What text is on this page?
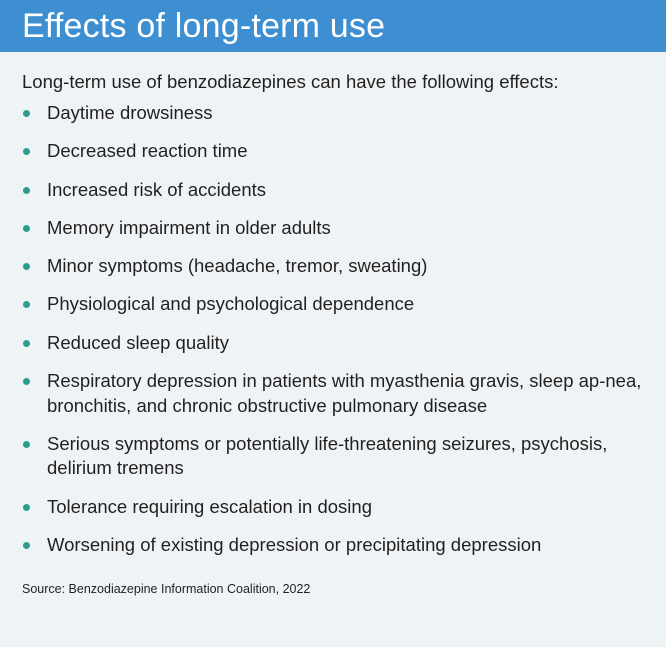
Effects of long-term use

Long-term use of benzodiazepines can have the following effects:

Daytime drowsiness
Decreased reaction time
Increased risk of accidents
Memory impairment in older adults
Minor symptoms (headache, tremor, sweating)
Physiological and psychological dependence
Reduced sleep quality
Respiratory depression in patients with myasthenia gravis, sleep ap-nea, bronchitis, and chronic obstructive pulmonary disease
Serious symptoms or potentially life-threatening seizures, psychosis, delirium tremens
Tolerance requiring escalation in dosing
Worsening of existing depression or precipitating depression

Source: Benzodiazepine Information Coalition, 2022
